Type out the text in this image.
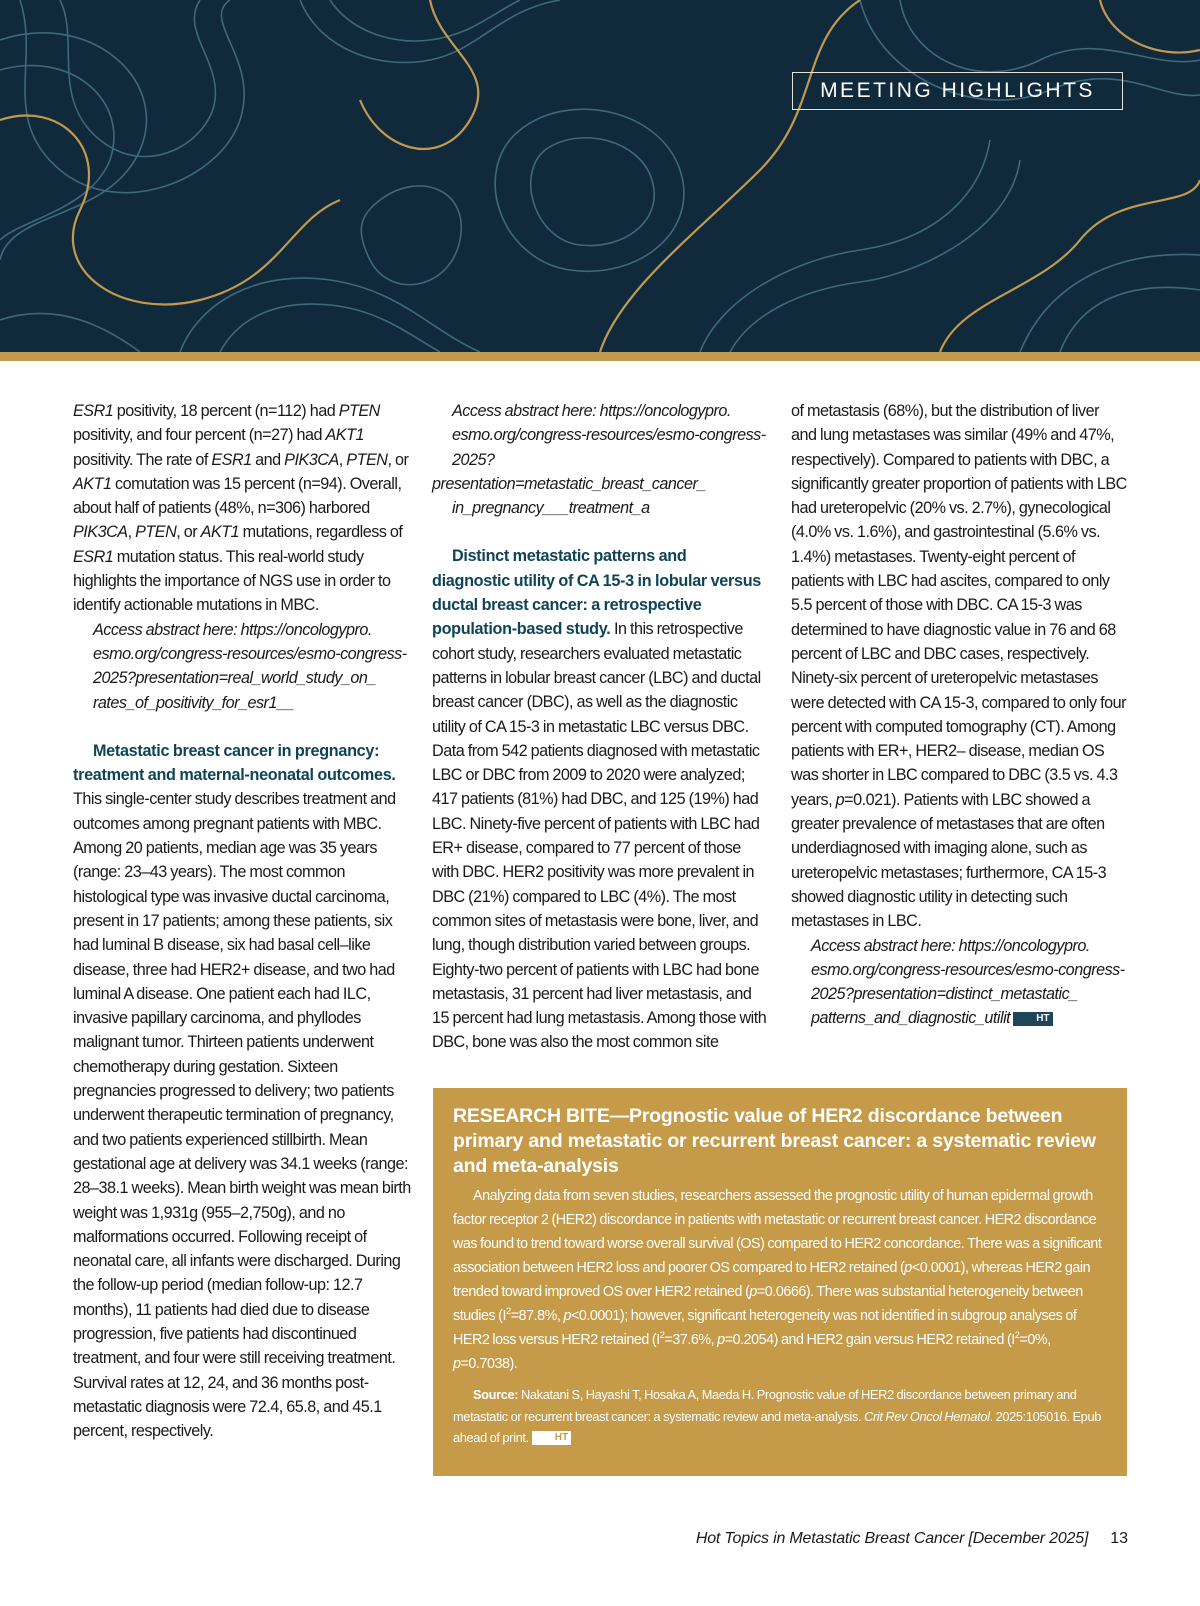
MEETING HIGHLIGHTS

ESR1 positivity, 18 percent (n=112) had PTEN positivity, and four percent (n=27) had AKT1 positivity. The rate of ESR1 and PIK3CA, PTEN, or AKT1 comutation was 15 percent (n=94). Overall, about half of patients (48%, n=306) harbored PIK3CA, PTEN, or AKT1 mutations, regardless of ESR1 mutation status. This real-world study highlights the importance of NGS use in order to identify actionable mutations in MBC.

Access abstract here: https://oncologypro.
esmo.org/congress-resources/esmo-congress-
2025?presentation=real_world_study_on_
rates_of_positivity_for_esr1__

Metastatic breast cancer in pregnancy: treatment and maternal-neonatal outcomes. This single-center study describes treatment and outcomes among pregnant patients with MBC. Among 20 patients, median age was 35 years (range: 23–43 years). The most common histological type was invasive ductal carcinoma, present in 17 patients; among these patients, six had luminal B disease, six had basal cell–like disease, three had HER2+ disease, and two had luminal A disease. One patient each had ILC, invasive papillary carcinoma, and phyllodes malignant tumor. Thirteen patients underwent chemotherapy during gestation. Sixteen pregnancies progressed to delivery; two patients underwent therapeutic termination of pregnancy, and two patients experienced stillbirth. Mean gestational age at delivery was 34.1 weeks (range: 28–38.1 weeks). Mean birth weight was mean birth weight was 1,931g (955–2,750g), and no malformations occurred. Following receipt of neonatal care, all infants were discharged. During the follow-up period (median follow-up: 12.7 months), 11 patients had died due to disease progression, five patients had discontinued treatment, and four were still receiving treatment. Survival rates at 12, 24, and 36 months post-metastatic diagnosis were 72.4, 65.8, and 45.1 percent, respectively.

Access abstract here: https://oncologypro.
esmo.org/congress-resources/esmo-congress-
2025?presentation=metastatic_breast_cancer_
in_pregnancy___treatment_a

Distinct metastatic patterns and diagnostic utility of CA 15-3 in lobular versus ductal breast cancer: a retrospective population-based study. In this retrospective cohort study, researchers evaluated metastatic patterns in lobular breast cancer (LBC) and ductal breast cancer (DBC), as well as the diagnostic utility of CA 15-3 in metastatic LBC versus DBC. Data from 542 patients diagnosed with metastatic LBC or DBC from 2009 to 2020 were analyzed; 417 patients (81%) had DBC, and 125 (19%) had LBC. Ninety-five percent of patients with LBC had ER+ disease, compared to 77 percent of those with DBC. HER2 positivity was more prevalent in DBC (21%) compared to LBC (4%). The most common sites of metastasis were bone, liver, and lung, though distribution varied between groups. Eighty-two percent of patients with LBC had bone metastasis, 31 percent had liver metastasis, and 15 percent had lung metastasis. Among those with DBC, bone was also the most common site

of metastasis (68%), but the distribution of liver and lung metastases was similar (49% and 47%, respectively). Compared to patients with DBC, a significantly greater proportion of patients with LBC had ureteropelvic (20% vs. 2.7%), gynecological (4.0% vs. 1.6%), and gastrointestinal (5.6% vs. 1.4%) metastases. Twenty-eight percent of patients with LBC had ascites, compared to only 5.5 percent of those with DBC. CA 15-3 was determined to have diagnostic value in 76 and 68 percent of LBC and DBC cases, respectively. Ninety-six percent of ureteropelvic metastases were detected with CA 15-3, compared to only four percent with computed tomography (CT). Among patients with ER+, HER2– disease, median OS was shorter in LBC compared to DBC (3.5 vs. 4.3 years, p=0.021). Patients with LBC showed a greater prevalence of metastases that are often underdiagnosed with imaging alone, such as ureteropelvic metastases; furthermore, CA 15-3 showed diagnostic utility in detecting such metastases in LBC.

Access abstract here: https://oncologypro.
esmo.org/congress-resources/esmo-congress-
2025?presentation=distinct_metastatic_
patterns_and_diagnostic_utilit	HT

RESEARCH BITE—Prognostic value of HER2 discordance between primary and metastatic or recurrent breast cancer: a systematic review and meta-analysis

Analyzing data from seven studies, researchers assessed the prognostic utility of human epidermal growth factor receptor 2 (HER2) discordance in patients with metastatic or recurrent breast cancer. HER2 discordance was found to trend toward worse overall survival (OS) compared to HER2 concordance. There was a significant association between HER2 loss and poorer OS compared to HER2 retained (p<0.0001), whereas HER2 gain trended toward improved OS over HER2 retained (p=0.0666). There was substantial heterogeneity between studies ($I^2=87.8\%$, p<0.0001); however, significant heterogeneity was not identified in subgroup analyses of HER2 loss versus HER2 retained ($I^2=37.6\%$, p=0.2054) and HER2 gain versus HER2 retained ($I^2=0\%$, p=0.7038).

Source: Nakatani S, Hayashi T, Hosaka A, Maeda H. Prognostic value of HER2 discordance between primary and metastatic or recurrent breast cancer: a systematic review and meta-analysis. Crit Rev Oncol Hematol. 2025:105016. Epub ahead of print.	HT

Hot Topics in Metastatic Breast Cancer [December 2025] 13
